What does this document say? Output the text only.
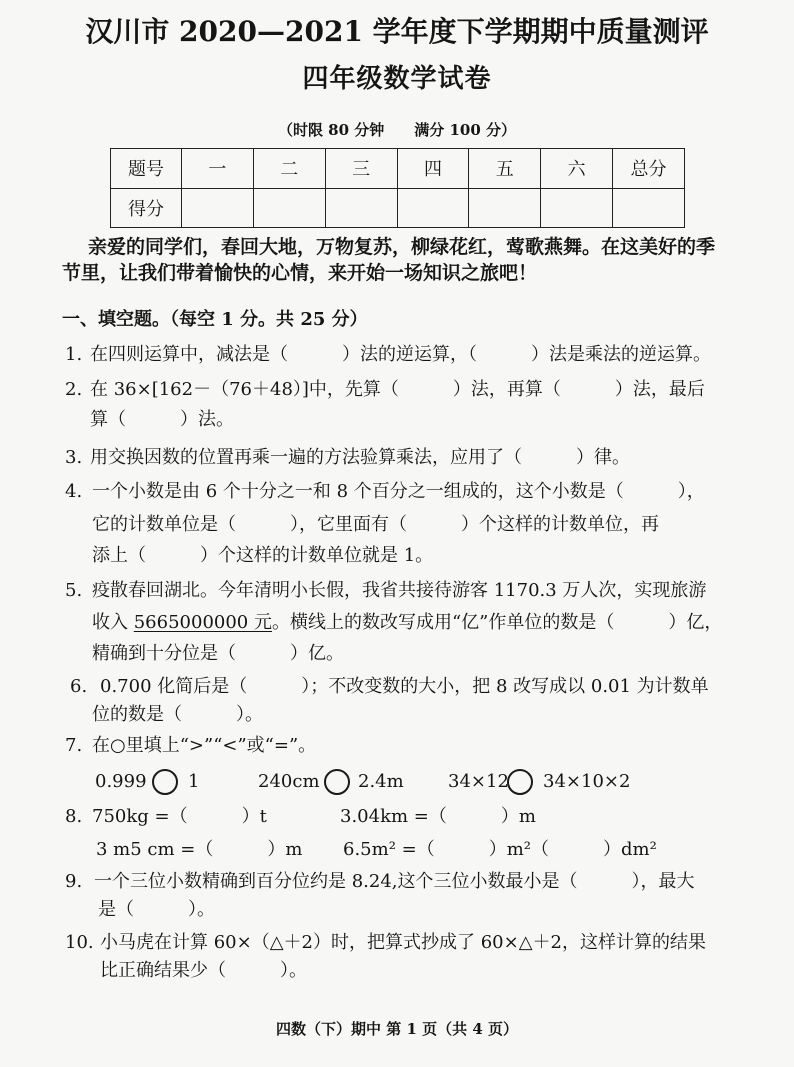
汉川市 2020—2021 学年度下学期期中质量测评
四年级数学试卷
（时限 80 分钟　　满分 100 分）
题号	一	二	三	四	五	六	总分
得分							
亲爱的同学们，春回大地，万物复苏，柳绿花红，莺歌燕舞。在这美好的季
节里，让我们带着愉快的心情，来开始一场知识之旅吧！
一、填空题。（每空 1 分。共 25 分）
1. 在四则运算中，减法是（　　　）法的逆运算，（　　　）法是乘法的逆运算。
2. 在 36×[162－（76＋48）]中，先算（　　　）法，再算（　　　）法，最后
算（　　　）法。
3. 用交换因数的位置再乘一遍的方法验算乘法，应用了（　　　）律。
4. 一个小数是由 6 个十分之一和 8 个百分之一组成的，这个小数是（　　　），
它的计数单位是（　　　），它里面有（　　　）个这样的计数单位，再
添上（　　　）个这样的计数单位就是 1。
5. 疫散春回湖北。今年清明小长假，我省共接待游客 1170.3 万人次，实现旅游
收入 5665000000 元。横线上的数改写成用“亿”作单位的数是（　　　）亿，
精确到十分位是（　　　）亿。
6. 0.700 化简后是（　　　）；不改变数的大小，把 8 改写成以 0.01 为计数单
位的数是（　　　）。
7. 在○里填上“>”“<”或“=”。
0.999 1	240cm 2.4m 34×12 34×10×2
8. 750kg =（　　　）t	3.04km =（　　　）m
3 m5 cm =（　　　）m 6.5m² =（　　　）m²（　　　）dm²
9. 一个三位小数精确到百分位约是 8.24,这个三位小数最小是（　　　），最大
是（　　　）。
10. 小马虎在计算 60×（△＋2）时，把算式抄成了 60×△＋2，这样计算的结果
比正确结果少（　　　）。
四数（下）期中 第 1 页（共 4 页）
